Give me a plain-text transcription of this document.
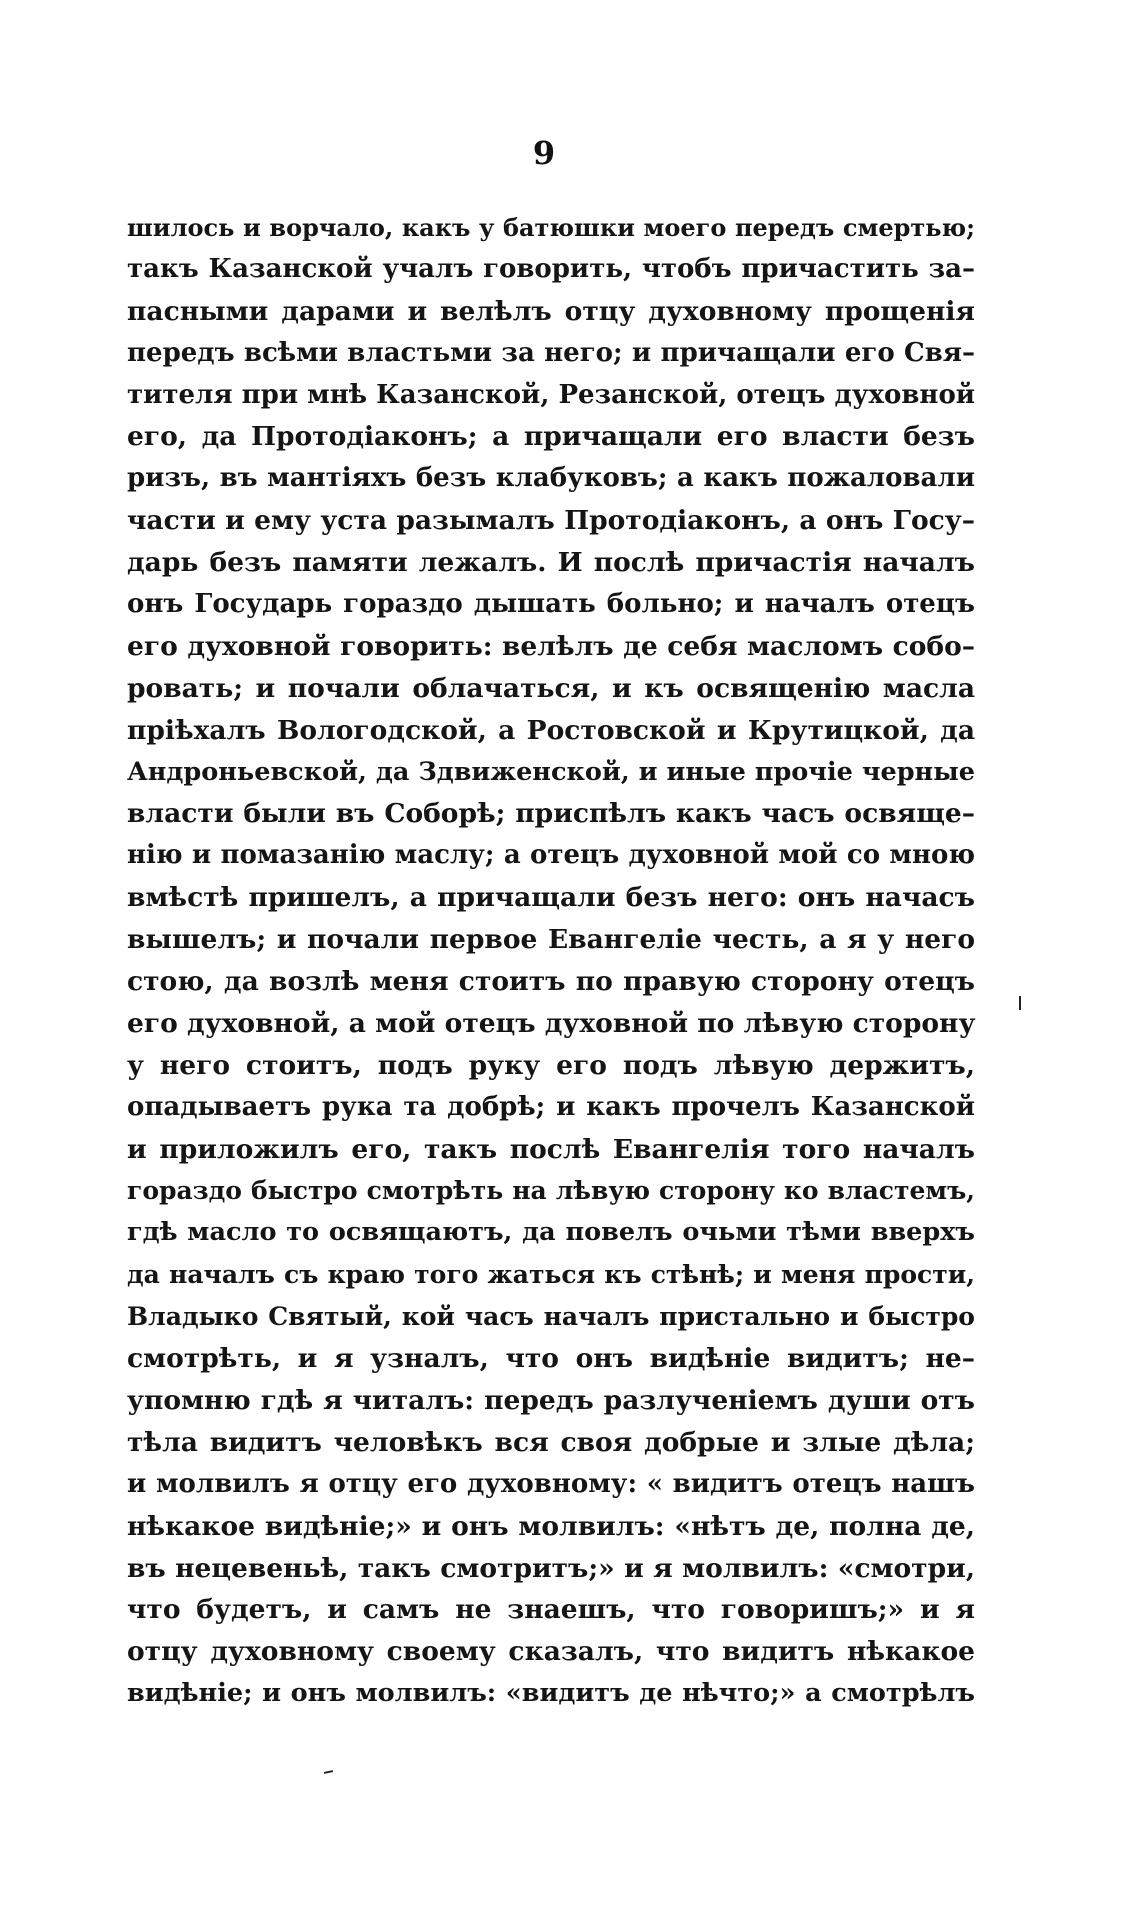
9
шилось и ворчало, какъ у батюшки моего передъ смертью;
такъ Казанской учалъ говорить, чтобъ причастить за–
пасными дарами и велѣлъ отцу духовному прощенія
передъ всѣми властьми за него; и причащали его Свя–
тителя при мнѣ Казанской, Резанской, отецъ духовной
его, да Протодіаконъ; а причащали его власти безъ
ризъ, въ мантіяхъ безъ клабуковъ; а какъ пожаловали
части и ему уста разымалъ Протодіаконъ, а онъ Госу–
дарь безъ памяти лежалъ. И послѣ причастія началъ
онъ Государь гораздо дышать больно; и началъ отецъ
его духовной говорить: велѣлъ де себя масломъ собо–
ровать; и почали облачаться, и къ освященію масла
пріѣхалъ Вологодской, а Ростовской и Крутицкой, да
Андроньевской, да Здвиженской, и иные прочіе черные
власти были въ Соборѣ; приспѣлъ какъ часъ освяще–
нію и помазанію маслу; а отецъ духовной мой со мною
вмѣстѣ пришелъ, а причащали безъ него: онъ начасъ
вышелъ; и почали первое Евангеліе честь, а я у него
стою, да возлѣ меня стоитъ по правую сторону отецъ
его духовной, а мой отецъ духовной по лѣвую сторону
у него стоитъ, подъ руку его подъ лѣвую держитъ,
опадываетъ рука та добрѣ; и какъ прочелъ Казанской
и приложилъ его, такъ послѣ Евангелія того началъ
гораздо быстро смотрѣть на лѣвую сторону ко властемъ,
гдѣ масло то освящаютъ, да повелъ очьми тѣми вверхъ
да началъ съ краю того жаться къ стѣнѣ; и меня прости,
Владыко Святый, кой часъ началъ пристально и быстро
смотрѣть, и я узналъ, что онъ видѣніе видитъ; не–
упомню гдѣ я читалъ: передъ разлученіемъ души отъ
тѣла видитъ человѣкъ вся своя добрые и злые дѣла;
и молвилъ я отцу его духовному: « видитъ отецъ нашъ
нѣкакое видѣніе;» и онъ молвилъ: «нѣтъ де, полна де,
въ нецевеньѣ, такъ смотритъ;» и я молвилъ: «смотри,
что будетъ, и самъ не знаешъ, что говоришъ;» и я
отцу духовному своему сказалъ, что видитъ нѣкакое
видѣніе; и онъ молвилъ: «видитъ де нѣчто;» а смотрѣлъ
